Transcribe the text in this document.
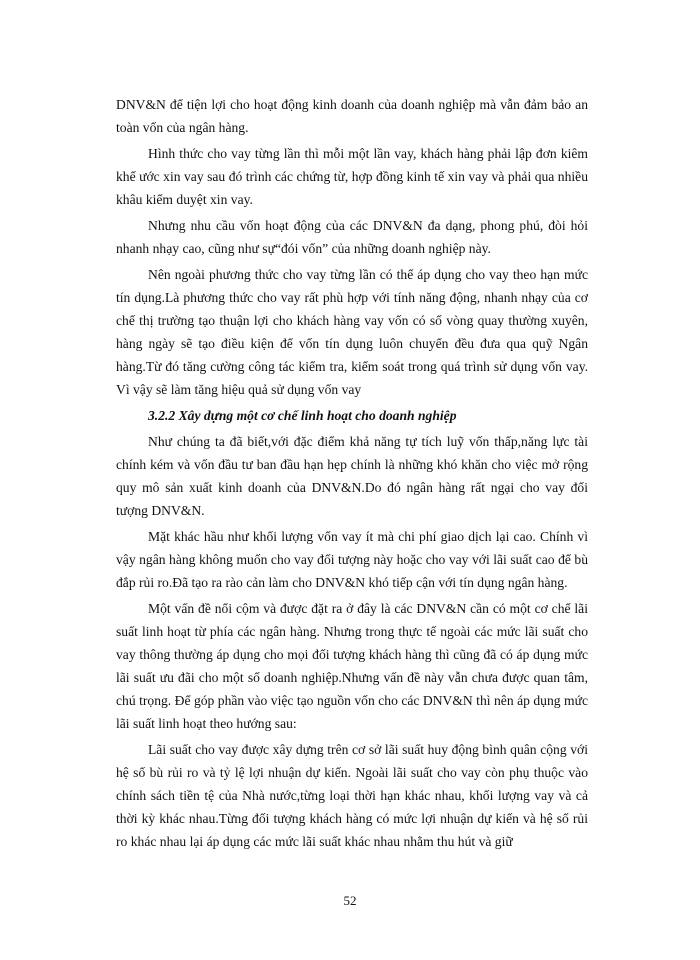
DNV&N để tiện lợi cho hoạt động kinh doanh của doanh nghiệp mà vẫn đảm bảo an toàn vốn của ngân hàng.

Hình thức cho vay từng lần thì mỗi một lần vay, khách hàng phải lập đơn kiêm khế ước xin vay sau đó trình các chứng từ, hợp đồng kinh tế xin vay và phải qua nhiều khâu kiểm duyệt xin vay.

Nhưng nhu cầu vốn hoạt động của các DNV&N đa dạng, phong phú, đòi hỏi nhanh nhạy cao, cũng như sự“đói vốn” của những doanh nghiệp này.

Nên ngoài phương thức cho vay từng lần có thể áp dụng cho vay theo hạn mức tín dụng.Là phương thức cho vay rất phù hợp với tính năng động, nhanh nhạy của cơ chế thị trường tạo thuận lợi cho khách hàng vay vốn có số vòng quay thường xuyên, hàng ngày sẽ tạo điều kiện để vốn tín dụng luôn chuyển đều đưa qua quỹ Ngân hàng.Từ đó tăng cường công tác kiểm tra, kiểm soát trong quá trình sử dụng vốn vay. Vì vậy sẽ làm tăng hiệu quả sử dụng vốn vay

3.2.2 Xây dựng một cơ chế linh hoạt cho doanh nghiệp

Như chúng ta đã biết,với đặc điểm khả năng tự tích luỹ vốn thấp,năng lực tài chính kém và vốn đầu tư ban đầu hạn hẹp chính là những khó khăn cho việc mở rộng quy mô sản xuất kinh doanh của DNV&N.Do đó ngân hàng rất ngại cho vay đối tượng DNV&N.

Mặt khác hầu như khối lượng vốn vay ít mà chi phí giao dịch lại cao. Chính vì vậy ngân hàng không muốn cho vay đối tượng này hoặc cho vay với lãi suất cao để bù đắp rủi ro.Đã tạo ra rào cản làm cho DNV&N khó tiếp cận với tín dụng ngân hàng.

Một vấn đề nổi cộm và được đặt ra ở đây là các DNV&N cần có một cơ chế lãi suất linh hoạt từ phía các ngân hàng. Nhưng trong thực tế ngoài các mức lãi suất cho vay thông thường áp dụng cho mọi đối tượng khách hàng thì cũng đã có áp dụng mức lãi suất ưu đãi cho một số doanh nghiệp.Nhưng vấn đề này vẫn chưa được quan tâm, chú trọng. Để góp phần vào việc tạo nguồn vốn cho các DNV&N thì nên áp dụng mức lãi suất linh hoạt theo hướng sau:

Lãi suất cho vay được xây dựng trên cơ sở lãi suất huy động bình quân cộng với hệ số bù rủi ro và tỷ lệ lợi nhuận dự kiến. Ngoài lãi suất cho vay còn phụ thuộc vào chính sách tiền tệ của Nhà nước,từng loại thời hạn khác nhau, khối lượng vay và cả thời kỳ khác nhau.Từng đối tượng khách hàng có mức lợi nhuận dự kiến và hệ số rủi ro khác nhau lại áp dụng các mức lãi suất khác nhau nhằm thu hút và giữ

52
